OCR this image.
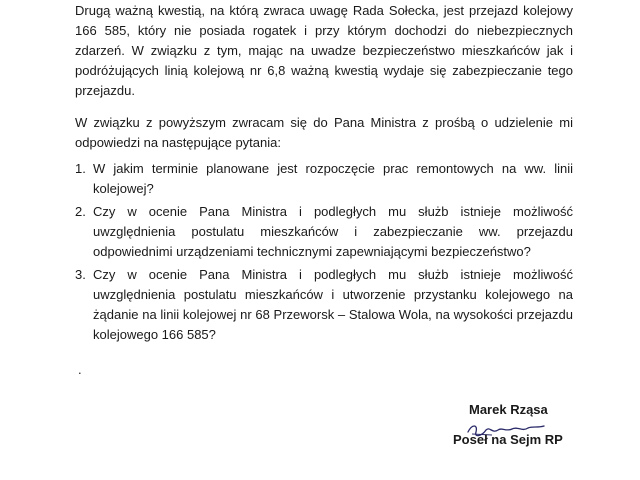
Drugą ważną kwestią, na którą zwraca uwagę Rada Sołecka, jest przejazd kolejowy 166 585, który nie posiada rogatek i przy którym dochodzi do niebezpiecznych zdarzeń. W związku z tym, mając na uwadze bezpieczeństwo mieszkańców jak i podróżujących linią kolejową nr 6,8 ważną kwestią wydaje się zabezpieczanie tego przejazdu.

W związku z powyższym zwracam się do Pana Ministra z prośbą o udzielenie mi odpowiedzi na następujące pytania:

1. W jakim terminie planowane jest rozpoczęcie prac remontowych na ww. linii kolejowej?
2. Czy w ocenie Pana Ministra i podległych mu służb istnieje możliwość uwzględnienia postulatu mieszkańców i zabezpieczanie ww. przejazdu odpowiednimi urządzeniami technicznymi zapewniającymi bezpieczeństwo?
3. Czy w ocenie Pana Ministra i podległych mu służb istnieje możliwość uwzględnienia postulatu mieszkańców i utworzenie przystanku kolejowego na żądanie na linii kolejowej nr 68 Przeworsk – Stalowa Wola, na wysokości przejazdu kolejowego 166 585?
.
Marek Rząsa
Poseł na Sejm RP
